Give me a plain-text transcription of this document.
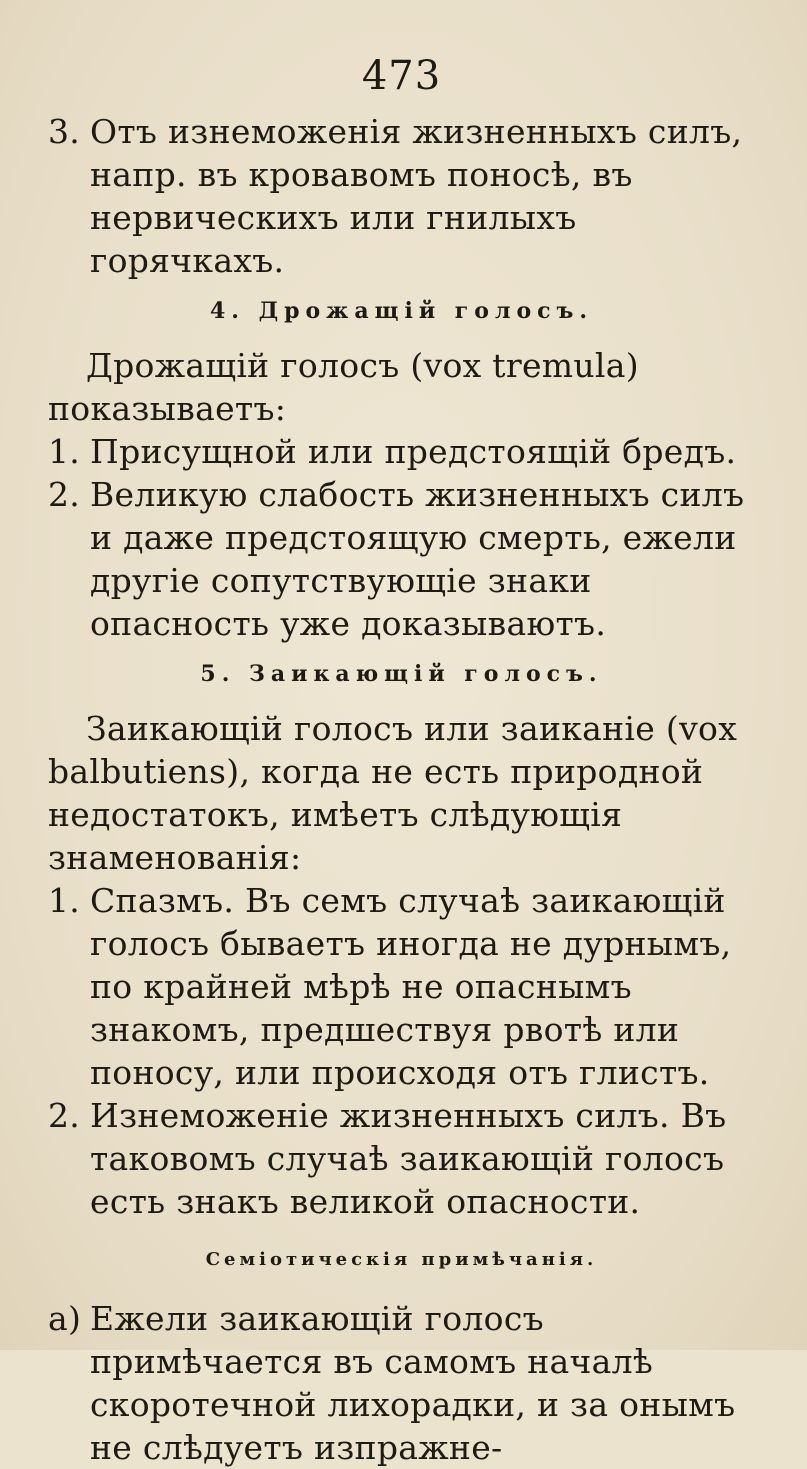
473
3. Отъ изнеможенія жизненныхъ силъ, напр. въ кровавомъ поносѣ, въ нервическихъ или гнилыхъ горячкахъ.
4. Дрожащій голосъ.

Дрожащій голосъ (vox tremula) показываетъ:

1. Присущной или предстоящій бредъ.
2. Великую слабость жизненныхъ силъ и даже предстоящую смерть, ежели другіе сопутствующіе знаки опасность уже доказываютъ.
5. Заикающій голосъ.

Заикающій голосъ или заиканіе (vox balbutiens), когда не есть природной недостатокъ, имѣетъ слѣдующія знаменованія:

1. Спазмъ. Въ семъ случаѣ заикающій голосъ бываетъ иногда не дурнымъ, по крайней мѣрѣ не опаснымъ знакомъ, предшествуя рвотѣ или поносу, или происходя отъ глистъ.
2. Изнеможеніе жизненныхъ силъ. Въ таковомъ случаѣ заикающій голосъ есть знакъ великой опасности.
Семіотическія примѣчанія.
a) Ежели заикающій голосъ примѣчается въ самомъ началѣ скоротечной лихорадки, и за онымъ не слѣдуетъ изпражне-
